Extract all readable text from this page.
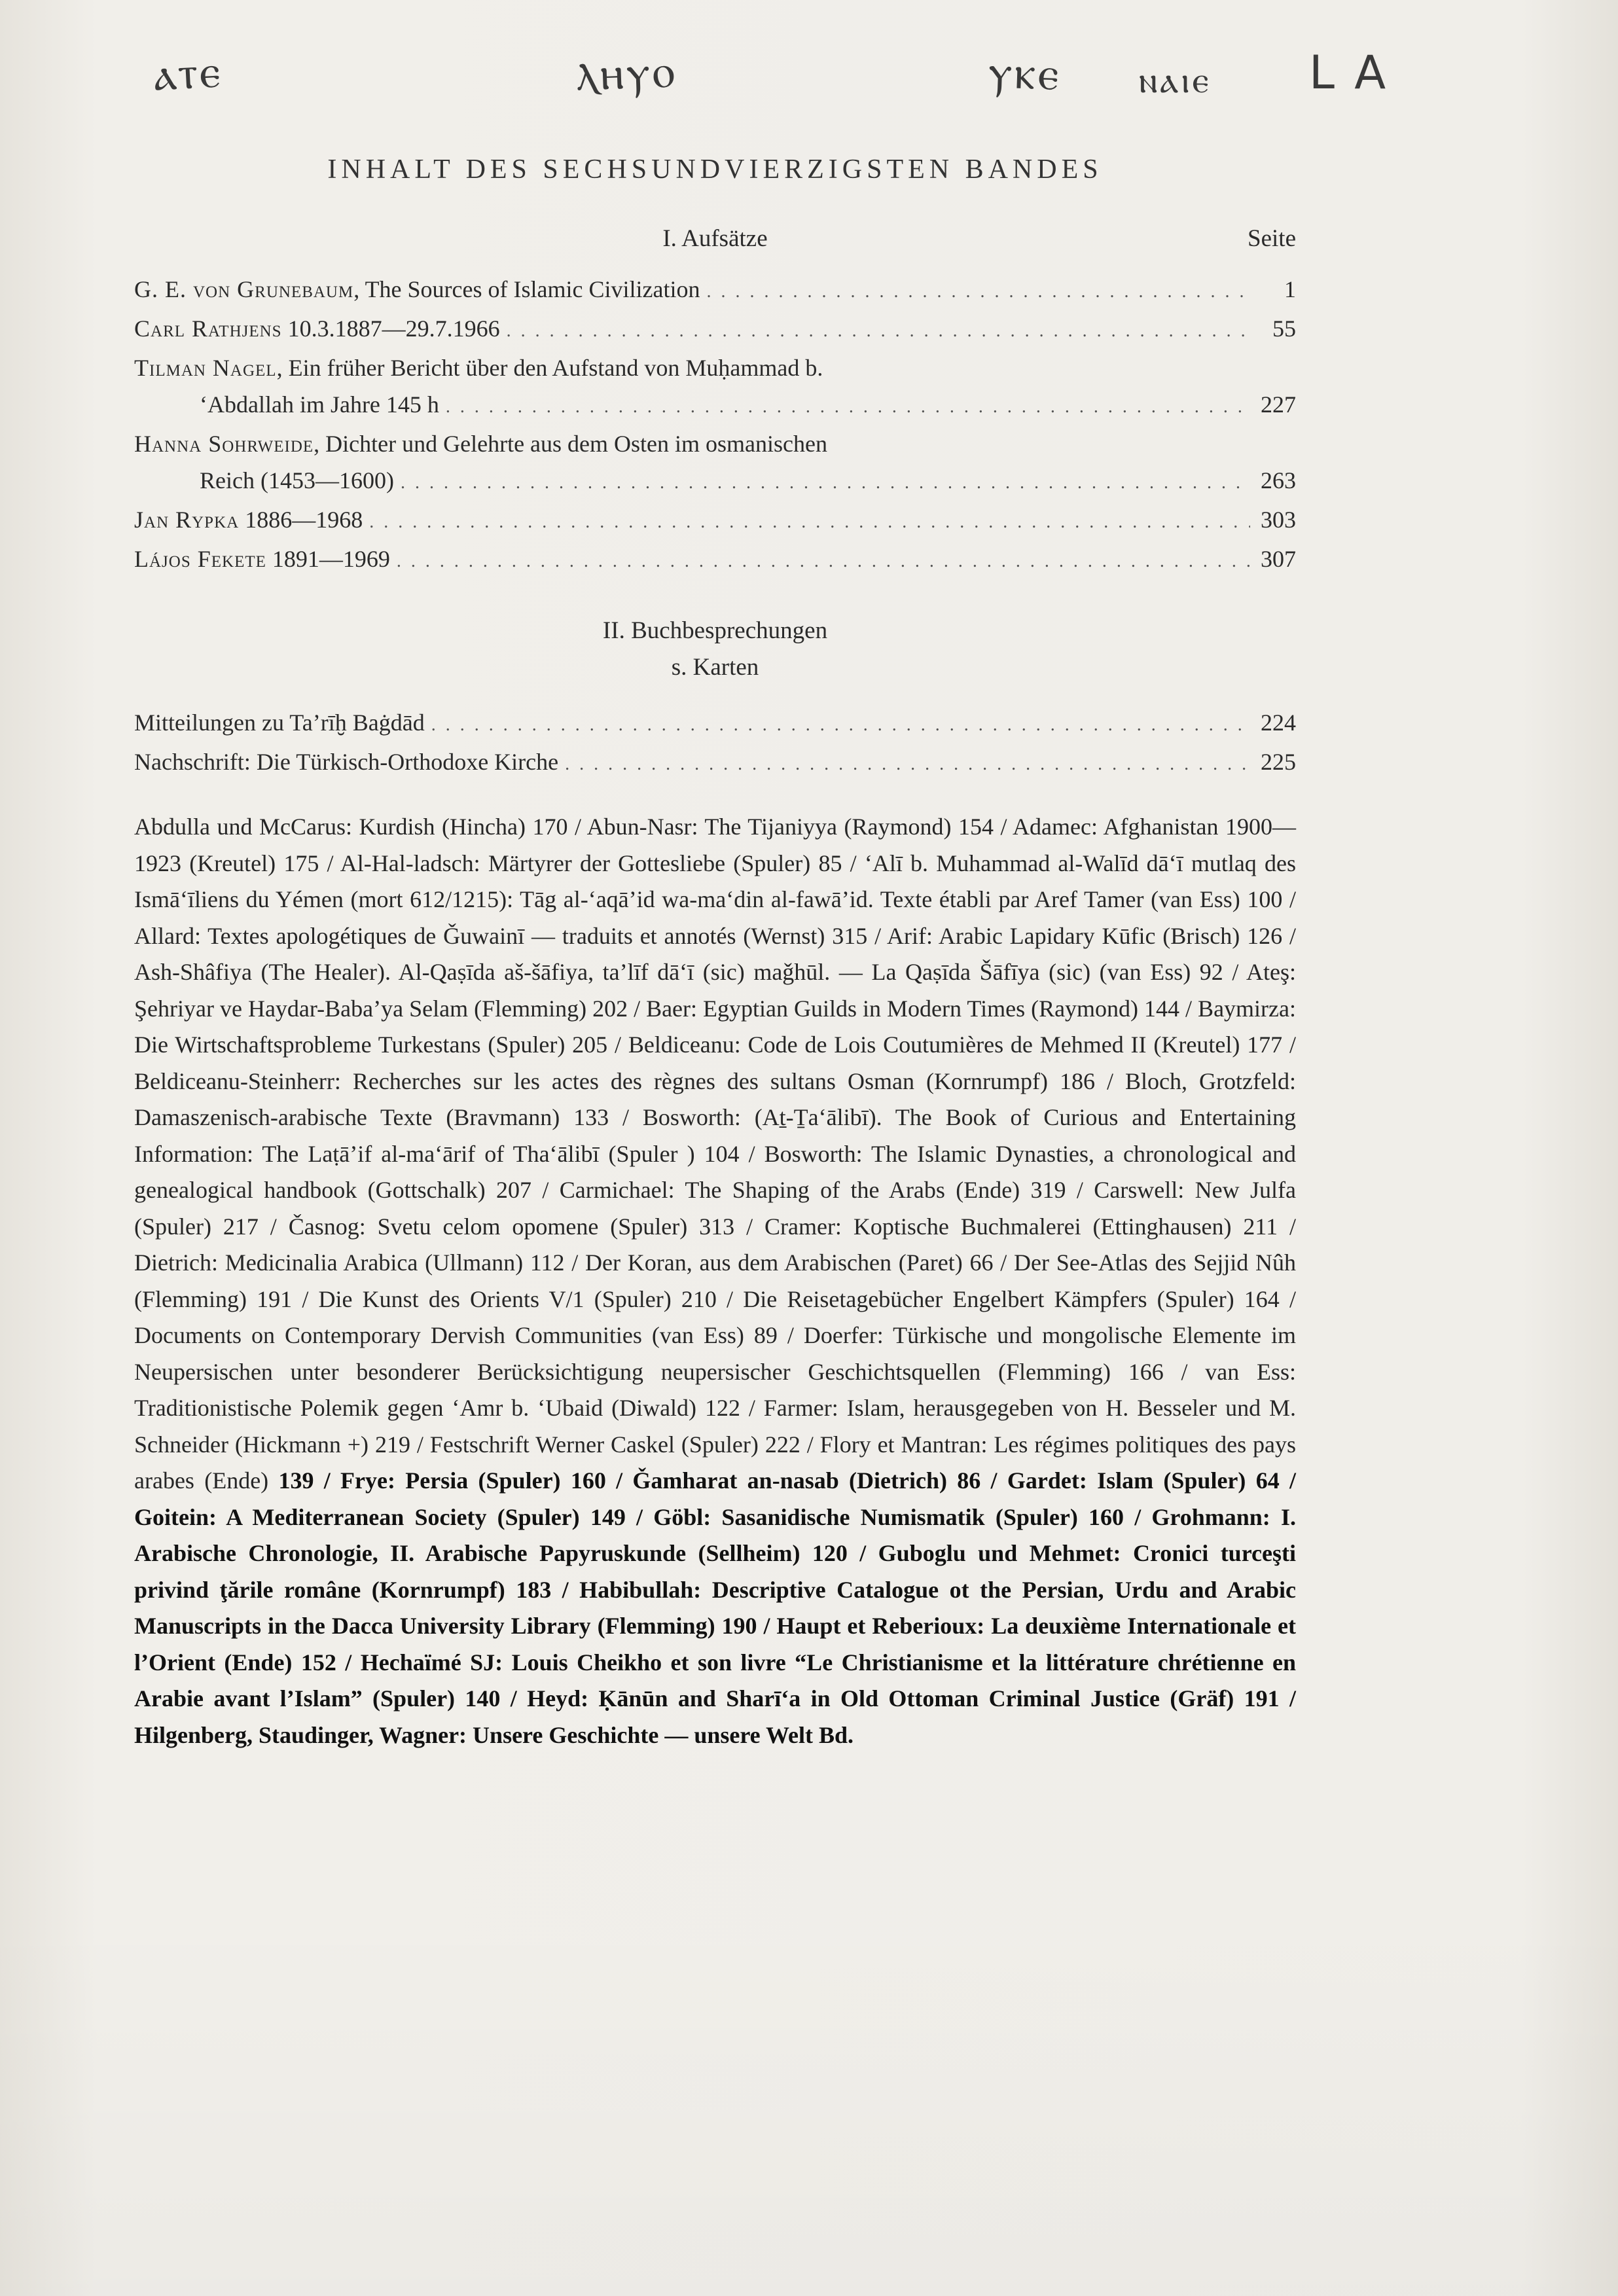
ⲁⲧⲉ	ⲗⲏⲩⲟ	ⲩⲕⲉ ⲛⲁⲓⲉ L A
INHALT DES SECHSUNDVIERZIGSTEN BANDES
I. Aufsätze	Seite
G. E. von Grunebaum, The Sources of Islamic Civilization . . .	1
Carl Rathjens 10.3.1887—29.7.1966 . . .	55
Tilman Nagel, Ein früher Bericht über den Aufstand von Muḥammad b.
‘Abdallah im Jahre 145 h . . .	227
Hanna Sohrweide, Dichter und Gelehrte aus dem Osten im osmanischen
Reich (1453—1600) . . .	263
Jan Rypka 1886—1968 . . .	303
Lájos Fekete 1891—1969 . . .	307
II. Buchbesprechungen
s. Karten
Mitteilungen zu Ta’rīḫ Baġdād . . .	224
Nachschrift: Die Türkisch-Orthodoxe Kirche . . .	225

Abdulla und McCarus: Kurdish (Hincha) 170 / Abun-Nasr: The Tijaniyya (Raymond) 154 / Adamec: Afghanistan 1900—1923 (Kreutel) 175 / Al-Hal-ladsch: Märtyrer der Gottesliebe (Spuler) 85 / ‘Alī b. Muhammad al-Walīd dā‘ī mutlaq des Ismā‘īliens du Yémen (mort 612/1215): Tāg al-‘aqā’id wa-ma‘din al-fawā’id. Texte établi par Aref Tamer (van Ess) 100 / Allard: Textes apologétiques de Ǧuwainī — traduits et annotés (Wernst) 315 / Arif: Arabic Lapidary Kūfic (Brisch) 126 / Ash-Shâfiya (The Healer). Al-Qaṣīda aš-šāfiya, ta’līf dā‘ī (sic) maǧhūl. — La Qaṣīda Šāfīya (sic) (van Ess) 92 / Ateş: Şehriyar ve Haydar-Baba’ya Selam (Flemming) 202 / Baer: Egyptian Guilds in Modern Times (Raymond) 144 / Baymirza: Die Wirtschaftsprobleme Turkestans (Spuler) 205 / Beldiceanu: Code de Lois Coutumières de Mehmed II (Kreutel) 177 / Beldiceanu-Steinherr: Recherches sur les actes des règnes des sultans Osman (Kornrumpf) 186 / Bloch, Grotzfeld: Damaszenisch-arabische Texte (Bravmann) 133 / Bosworth: (Aṯ-Ṯa‘ālibī). The Book of Curious and Entertaining Information: The Laṭā’if al-ma‘ārif of Tha‘ālibī (Spuler ) 104 / Bosworth: The Islamic Dynasties, a chronological and genealogical handbook (Gottschalk) 207 / Carmichael: The Shaping of the Arabs (Ende) 319 / Carswell: New Julfa (Spuler) 217 / Časnog: Svetu celom opomene (Spuler) 313 / Cramer: Koptische Buchmalerei (Ettinghausen) 211 / Dietrich: Medicinalia Arabica (Ullmann) 112 / Der Koran, aus dem Arabischen (Paret) 66 / Der See-Atlas des Sejjid Nûh (Flemming) 191 / Die Kunst des Orients V/1 (Spuler) 210 / Die Reisetagebücher Engelbert Kämpfers (Spuler) 164 / Documents on Contemporary Dervish Communities (van Ess) 89 / Doerfer: Türkische und mongolische Elemente im Neupersischen unter besonderer Berücksichtigung neupersischer Geschichtsquellen (Flemming) 166 / van Ess: Traditionistische Polemik gegen ‘Amr b. ‘Ubaid (Diwald) 122 / Farmer: Islam, herausgegeben von H. Besseler und M. Schneider (Hickmann +) 219 / Festschrift Werner Caskel (Spuler) 222 / Flory et Mantran: Les régimes politiques des pays arabes (Ende) 139 / Frye: Persia (Spuler) 160 / Ǧamharat an-nasab (Dietrich) 86 / Gardet: Islam (Spuler) 64 / Goitein: A Mediterranean Society (Spuler) 149 / Göbl: Sasanidische Numismatik (Spuler) 160 / Grohmann: I. Arabische Chronologie, II. Arabische Papyruskunde (Sellheim) 120 / Guboglu und Mehmet: Cronici turceşti privind ţările române (Kornrumpf) 183 / Habibullah: Descriptive Catalogue ot the Persian, Urdu and Arabic Manuscripts in the Dacca University Library (Flemming) 190 / Haupt et Reberioux: La deuxième Internationale et l’Orient (Ende) 152 / Hechaïmé SJ: Louis Cheikho et son livre “Le Christianisme et la littérature chrétienne en Arabie avant l’Islam” (Spuler) 140 / Heyd: Ḳānūn and Sharī‘a in Old Ottoman Criminal Justice (Gräf) 191 / Hilgenberg, Staudinger, Wagner: Unsere Geschichte — unsere Welt Bd.
